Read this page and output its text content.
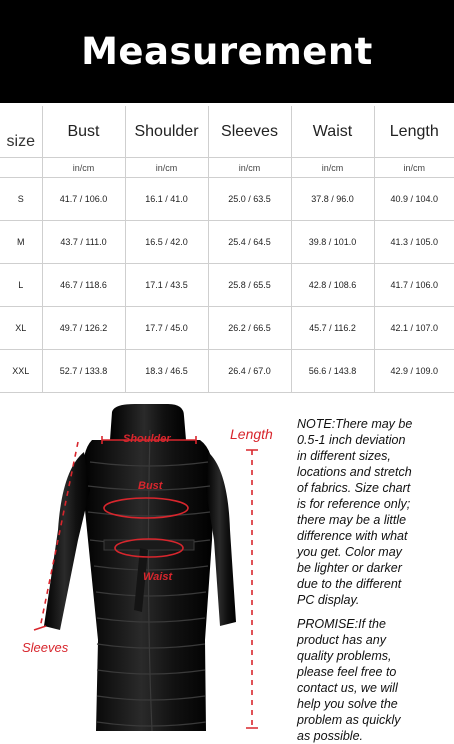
Measurement
size	Bust	Shoulder	Sleeves	Waist	Length
	in/cm	in/cm	in/cm	in/cm	in/cm
S	41.7 / 106.0	16.1 / 41.0	25.0 / 63.5	37.8 / 96.0	40.9 / 104.0
M	43.7 / 111.0	16.5 / 42.0	25.4 / 64.5	39.8 / 101.0	41.3 / 105.0
L	46.7 / 118.6	17.1 / 43.5	25.8 / 65.5	42.8 / 108.6	41.7 / 106.0
XL	49.7 / 126.2	17.7 / 45.0	26.2 / 66.5	45.7 / 116.2	42.1 / 107.0
XXL	52.7 / 133.8	18.3 / 46.5	26.4 / 67.0	56.6 / 143.8	42.9 / 109.0
Shoulder
Bust
Waist
Length
Sleeves
NOTE:There may be
0.5-1 inch deviation
in different sizes,
locations and stretch
of fabrics. Size chart
is for reference only;
there may be a little
difference with what
you get. Color may
be lighter or darker
due to the different
PC display.
PROMISE:If the
product has any
quality problems,
please feel free to
contact us, we will
help you solve the
problem as quickly
as possible.
